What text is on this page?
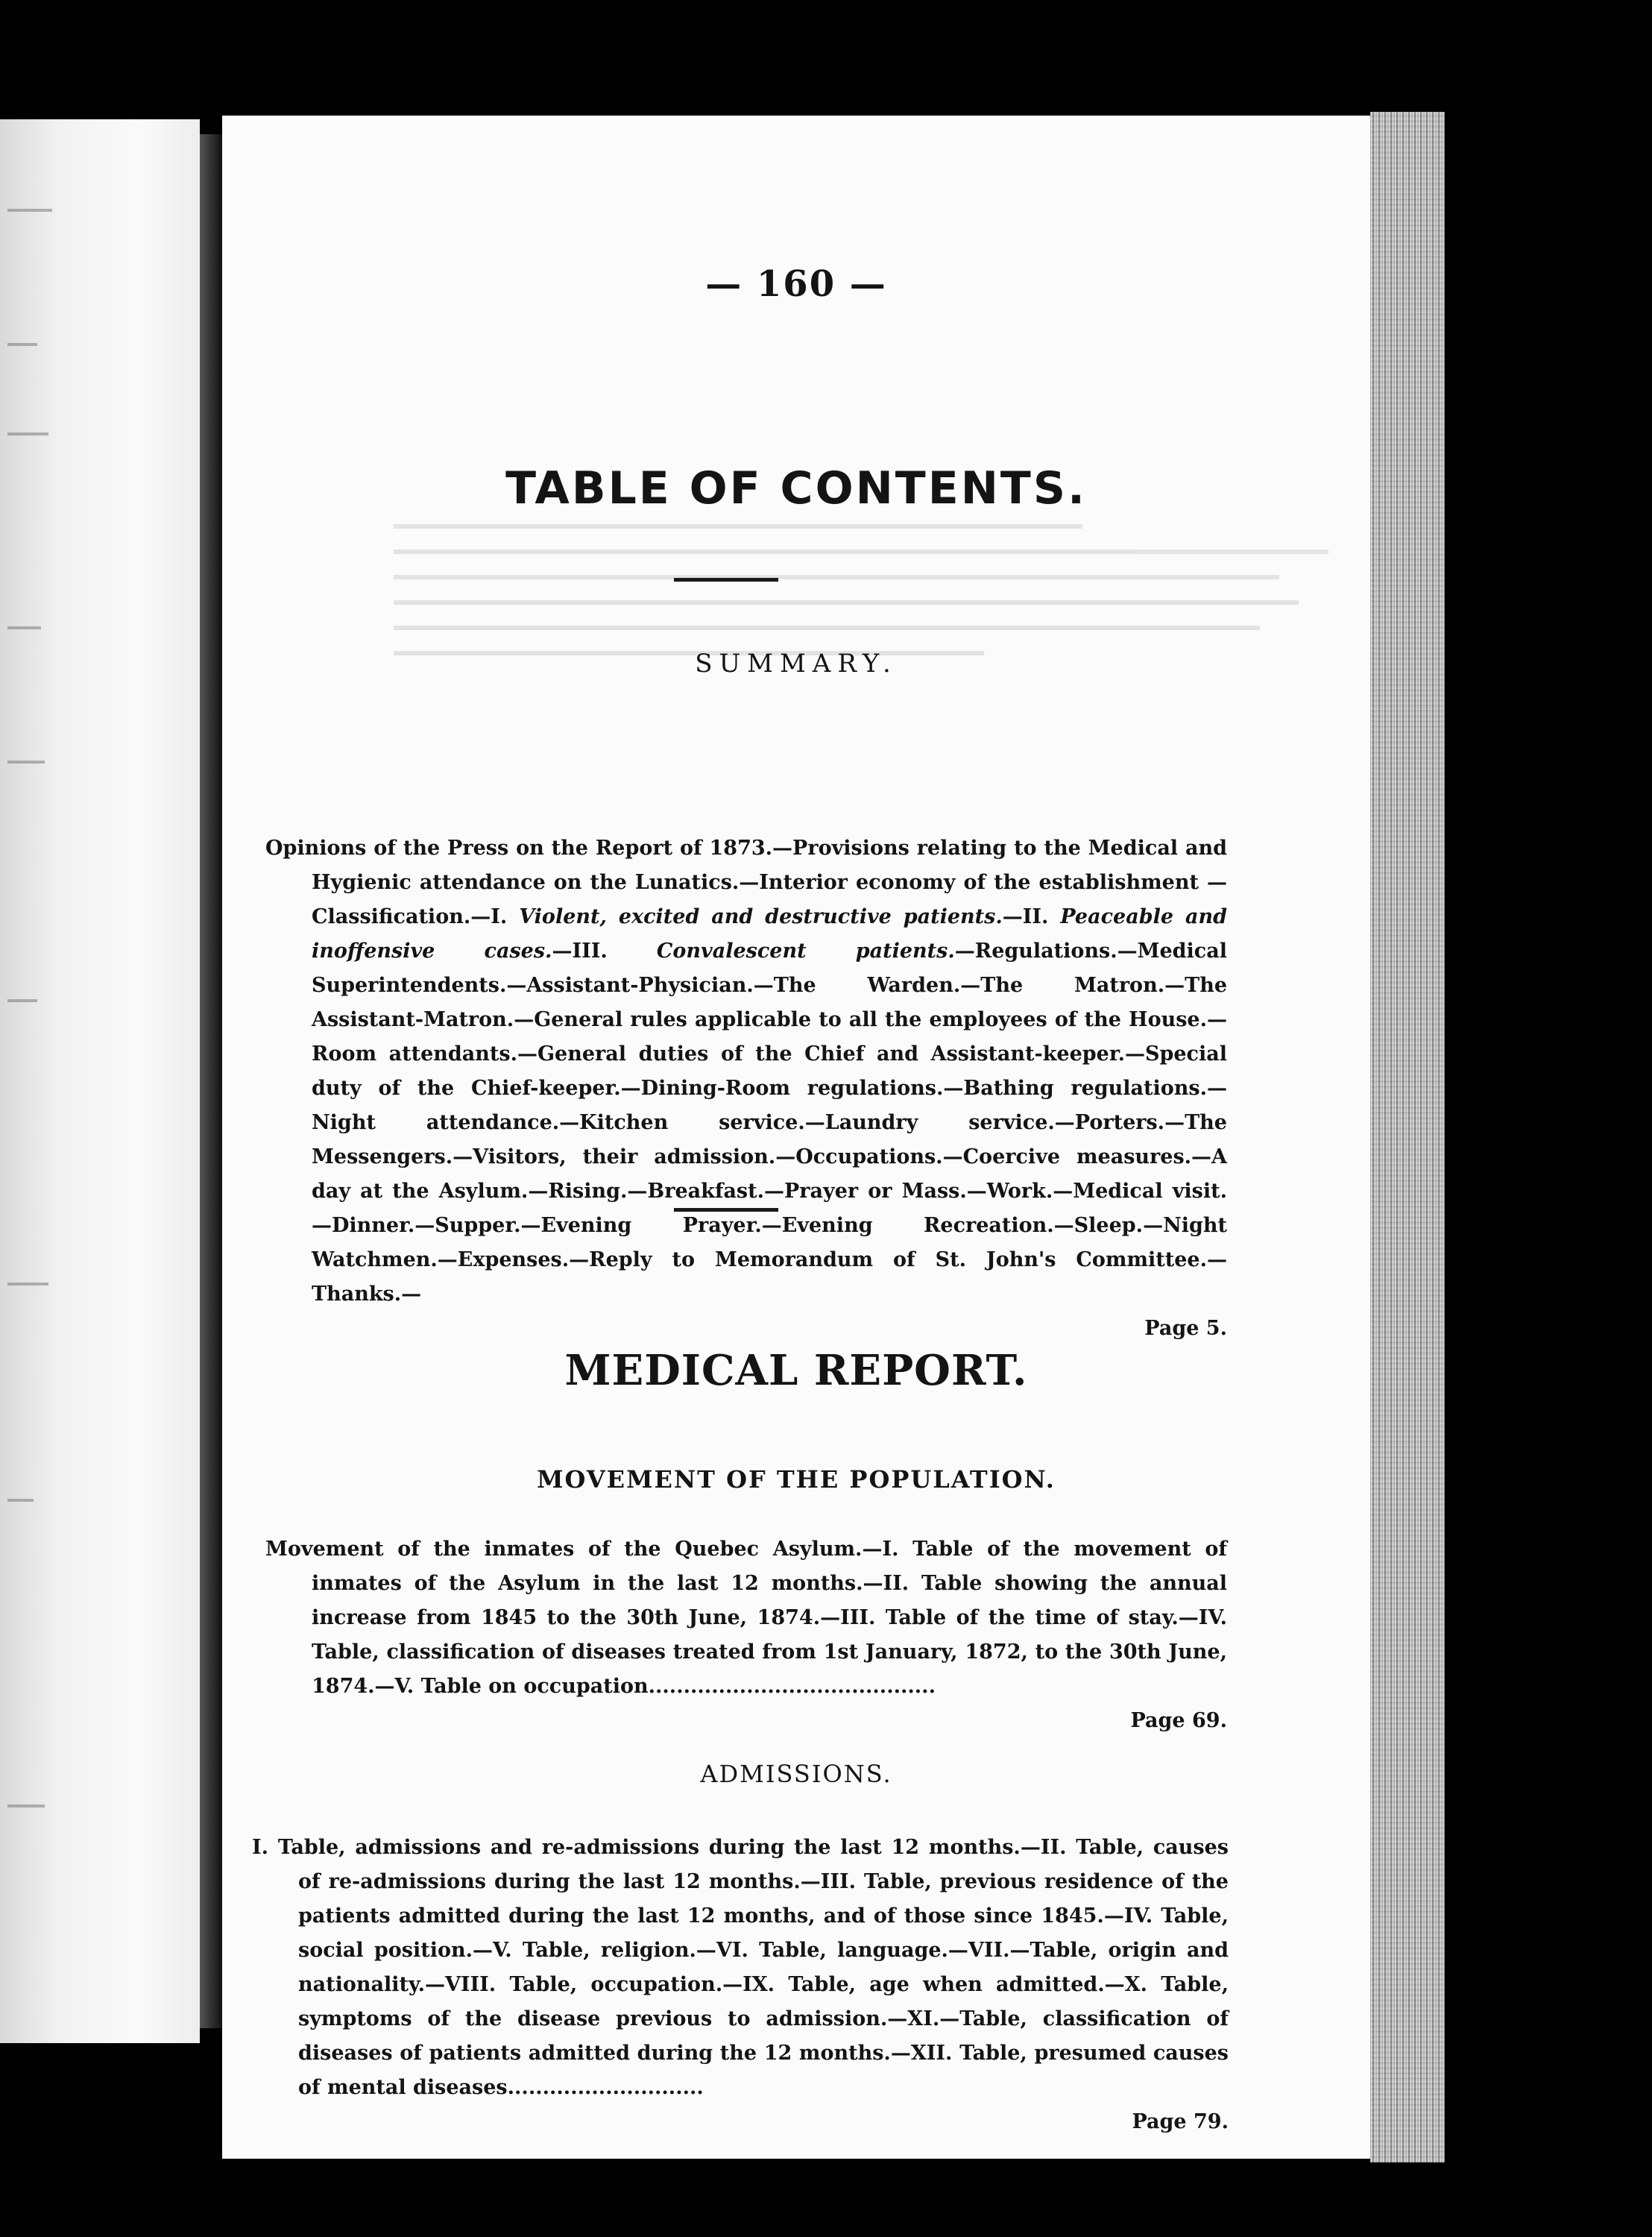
— 160 —
TABLE OF CONTENTS.
SUMMARY.
Opinions of the Press on the Report of 1873.—Provisions relating to the Medical and Hygienic attendance on the Lunatics.—Interior economy of the establishment —Classification.—I. Violent, excited and destructive patients.—II. Peaceable and inoffensive cases.—III. Convalescent patients.—Regulations.—Medical Superintendents.—Assistant-Physician.—The Warden.—The Matron.—The Assistant-Matron.—General rules applicable to all the employees of the House.—Room attendants.—General duties of the Chief and Assistant-keeper.—Special duty of the Chief-keeper.—Dining-Room regulations.—Bathing regulations.—Night attendance.—Kitchen service.—Laundry service.—Porters.—The Messengers.—Visitors, their admission.—Occupations.—Coercive measures.—A day at the Asylum.—Rising.—Breakfast.—Prayer or Mass.—Work.—Medical visit.—Dinner.—Supper.—Evening Prayer.—Evening Recreation.—Sleep.—Night Watchmen.—Expenses.—Reply to Memorandum of St. John's Committee.—Thanks.—
Page 5.
MEDICAL REPORT.
MOVEMENT OF THE POPULATION.
Movement of the inmates of the Quebec Asylum.—I. Table of the movement of inmates of the Asylum in the last 12 months.—II. Table showing the annual increase from 1845 to the 30th June, 1874.—III. Table of the time of stay.—IV. Table, classification of diseases treated from 1st January, 1872, to the 30th June, 1874.—V. Table on occupation.........................................
Page 69.
ADMISSIONS.
I. Table, admissions and re-admissions during the last 12 months.—II. Table, causes of re-admissions during the last 12 months.—III. Table, previous residence of the patients admitted during the last 12 months, and of those since 1845.—IV. Table, social position.—V. Table, religion.—VI. Table, language.—VII.—Table, origin and nationality.—VIII. Table, occupation.—IX. Table, age when admitted.—X. Table, symptoms of the disease previous to admission.—XI.—Table, classification of diseases of patients admitted during the 12 months.—XII. Table, presumed causes of mental diseases............................
Page 79.
